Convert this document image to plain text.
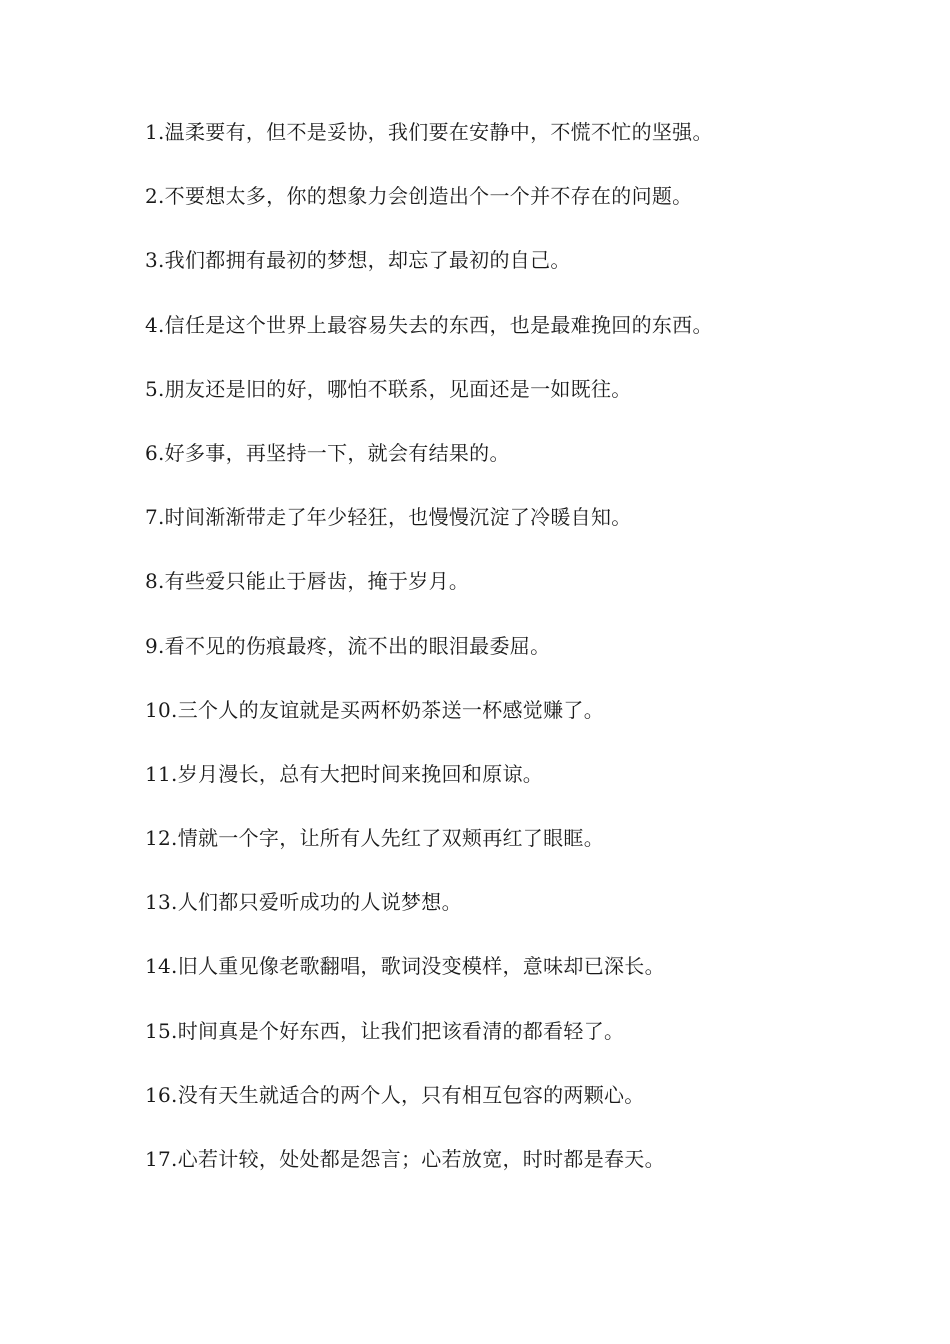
1.温柔要有，但不是妥协，我们要在安静中，不慌不忙的坚强。
2.不要想太多，你的想象力会创造出个一个并不存在的问题。
3.我们都拥有最初的梦想，却忘了最初的自己。
4.信任是这个世界上最容易失去的东西，也是最难挽回的东西。
5.朋友还是旧的好，哪怕不联系，见面还是一如既往。
6.好多事，再坚持一下，就会有结果的。
7.时间渐渐带走了年少轻狂，也慢慢沉淀了冷暖自知。
8.有些爱只能止于唇齿，掩于岁月。
9.看不见的伤痕最疼，流不出的眼泪最委屈。
10.三个人的友谊就是买两杯奶茶送一杯感觉赚了。
11.岁月漫长，总有大把时间来挽回和原谅。
12.情就一个字，让所有人先红了双颊再红了眼眶。
13.人们都只爱听成功的人说梦想。
14.旧人重见像老歌翻唱，歌词没变模样，意味却已深长。
15.时间真是个好东西，让我们把该看清的都看轻了。
16.没有天生就适合的两个人，只有相互包容的两颗心。
17.心若计较，处处都是怨言；心若放宽，时时都是春天。
